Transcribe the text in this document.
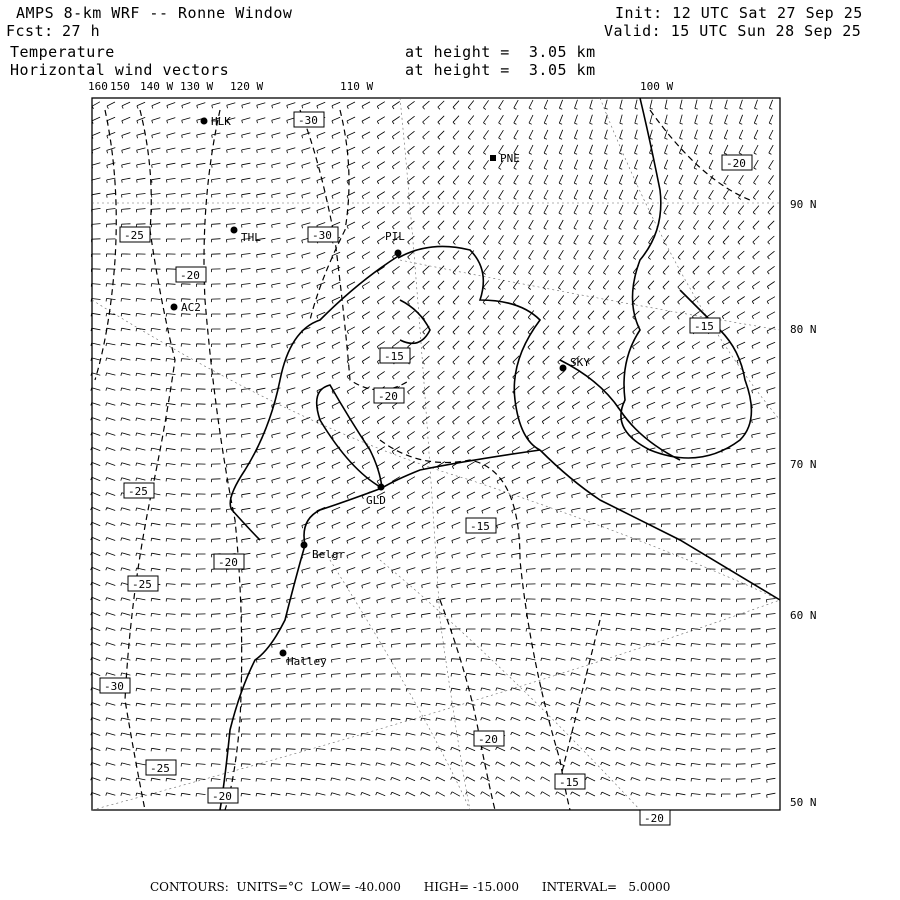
160 150 140 W 130 W 120 W	110 W	100 W
90 N
80 N
70 N
60 N
50 N
HLK
PNE
THL	PIL
AC2
SKY
GLD
Belgr
Halley
-30
-20
-25	-30
-20
-15
-15
-20
-25
-20
-15
-25
-30
-20
-25
-20
-15
-20
AMPS 8-km WRF -- Ronne Window
Fcst: 27 h
Init: 12 UTC Sat 27 Sep 25
Valid: 15 UTC Sun 28 Sep 25
Temperature
Horizontal wind vectors
at height =  3.05 km
at height =  3.05 km
CONTOURS:  UNITS=°C  LOW= -40.000      HIGH= -15.000      INTERVAL=   5.0000
